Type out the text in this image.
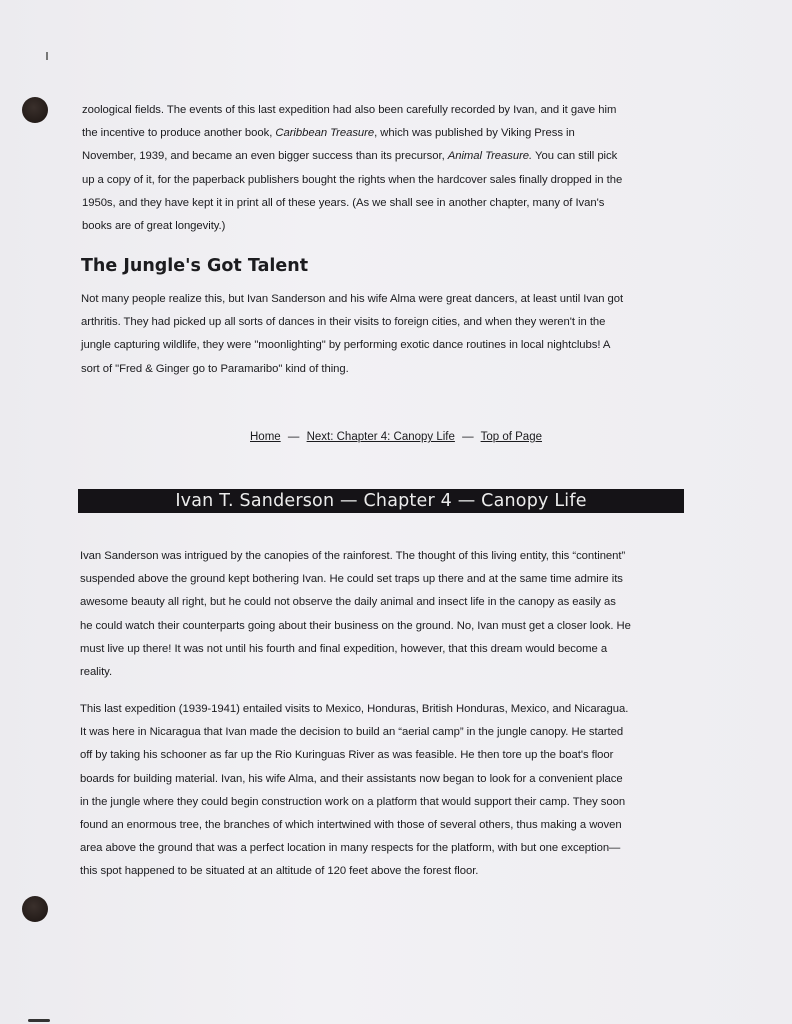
zoological fields. The events of this last expedition had also been carefully recorded by Ivan, and it gave him
the incentive to produce another book, Caribbean Treasure, which was published by Viking Press in
November, 1939, and became an even bigger success than its precursor, Animal Treasure. You can still pick
up a copy of it, for the paperback publishers bought the rights when the hardcover sales finally dropped in the
1950s, and they have kept it in print all of these years. (As we shall see in another chapter, many of Ivan's
books are of great longevity.)
The Jungle's Got Talent
Not many people realize this, but Ivan Sanderson and his wife Alma were great dancers, at least until Ivan got
arthritis. They had picked up all sorts of dances in their visits to foreign cities, and when they weren't in the
jungle capturing wildlife, they were "moonlighting" by performing exotic dance routines in local nightclubs! A
sort of "Fred & Ginger go to Paramaribo" kind of thing.
Home — Next: Chapter 4: Canopy Life — Top of Page
Ivan T. Sanderson — Chapter 4 — Canopy Life
Ivan Sanderson was intrigued by the canopies of the rainforest. The thought of this living entity, this “continent”
suspended above the ground kept bothering Ivan. He could set traps up there and at the same time admire its
awesome beauty all right, but he could not observe the daily animal and insect life in the canopy as easily as
he could watch their counterparts going about their business on the ground. No, Ivan must get a closer look. He
must live up there! It was not until his fourth and final expedition, however, that this dream would become a
reality.
This last expedition (1939-1941) entailed visits to Mexico, Honduras, British Honduras, Mexico, and Nicaragua.
It was here in Nicaragua that Ivan made the decision to build an “aerial camp” in the jungle canopy. He started
off by taking his schooner as far up the Rio Kuringuas River as was feasible. He then tore up the boat's floor
boards for building material. Ivan, his wife Alma, and their assistants now began to look for a convenient place
in the jungle where they could begin construction work on a platform that would support their camp. They soon
found an enormous tree, the branches of which intertwined with those of several others, thus making a woven
area above the ground that was a perfect location in many respects for the platform, with but one exception—
this spot happened to be situated at an altitude of 120 feet above the forest floor.
